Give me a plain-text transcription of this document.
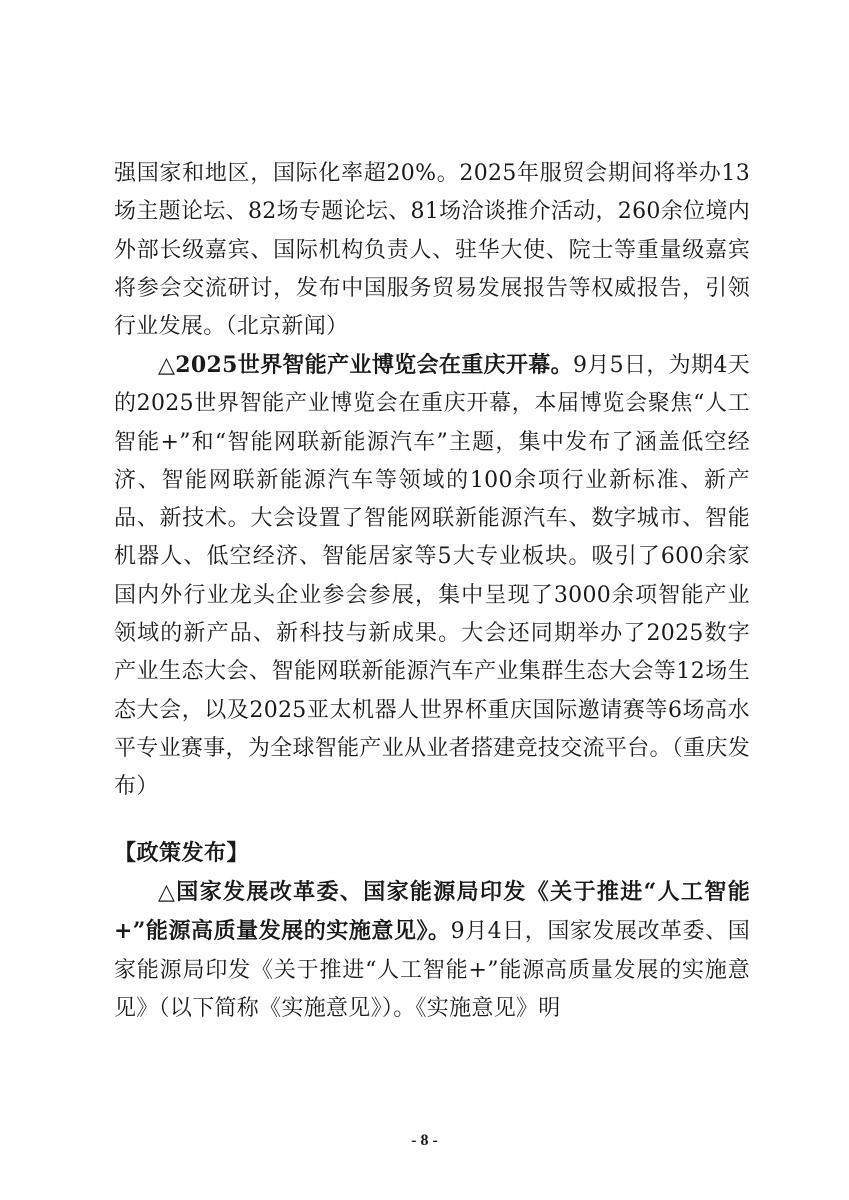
强国家和地区，国际化率超20%。2025年服贸会期间将举办13场主题论坛、82场专题论坛、81场洽谈推介活动，260余位境内外部长级嘉宾、国际机构负责人、驻华大使、院士等重量级嘉宾将参会交流研讨，发布中国服务贸易发展报告等权威报告，引领行业发展。（北京新闻）

△2025世界智能产业博览会在重庆开幕。9月5日，为期4天的2025世界智能产业博览会在重庆开幕，本届博览会聚焦“人工智能+”和“智能网联新能源汽车”主题，集中发布了涵盖低空经济、智能网联新能源汽车等领域的100余项行业新标准、新产品、新技术。大会设置了智能网联新能源汽车、数字城市、智能机器人、低空经济、智能居家等5大专业板块。吸引了600余家国内外行业龙头企业参会参展，集中呈现了3000余项智能产业领域的新产品、新科技与新成果。大会还同期举办了2025数字产业生态大会、智能网联新能源汽车产业集群生态大会等12场生态大会，以及2025亚太机器人世界杯重庆国际邀请赛等6场高水平专业赛事，为全球智能产业从业者搭建竞技交流平台。（重庆发布）

【政策发布】

△国家发展改革委、国家能源局印发《关于推进“人工智能+”能源高质量发展的实施意见》。9月4日，国家发展改革委、国家能源局印发《关于推进“人工智能+”能源高质量发展的实施意见》（以下简称《实施意见》）。《实施意见》明

- 8 -
